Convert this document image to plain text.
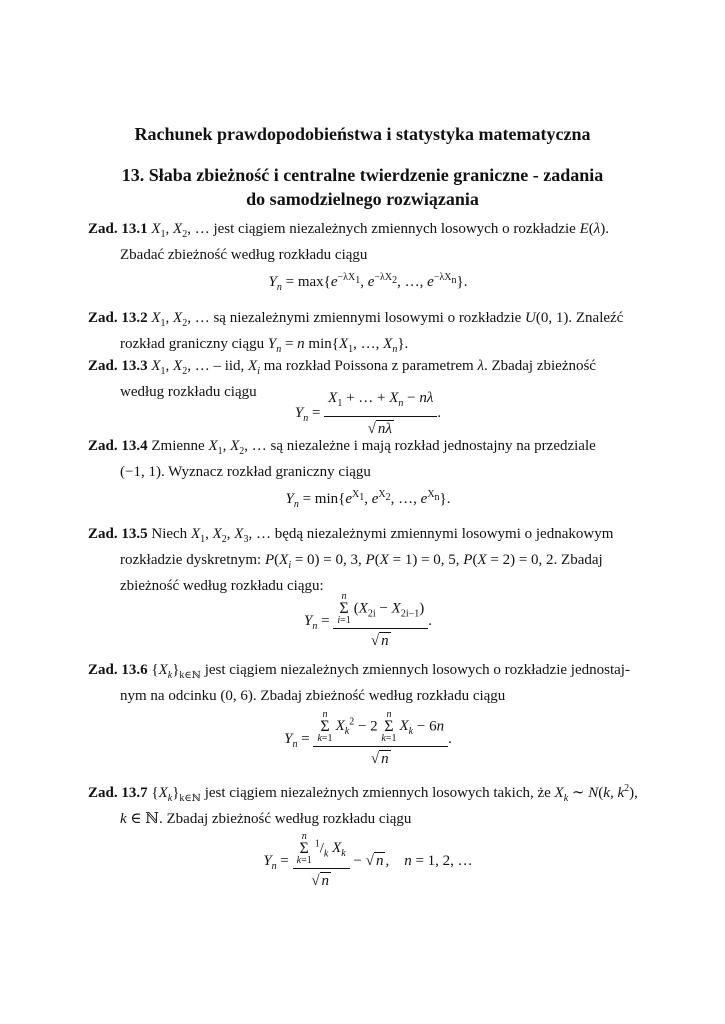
Rachunek prawdopodobieństwa i statystyka matematyczna
13. Słaba zbieżność i centralne twierdzenie graniczne - zadania
do samodzielnego rozwiązania
Zad. 13.1 $X_1$, $X_2$, … jest ciągiem niezależnych zmiennych losowych o rozkładzie E(λ).
Zbadać zbieżność według rozkładu ciągu
$Y_n = \max\{e^{-\lambda X_1}$, $e^{-\lambda X_2}$, …, $e^{-\lambda X_n}$}.
Zad. 13.2 $X_1$, $X_2$, … są niezależnymi zmiennymi losowymi o rozkładzie U(0, 1). Znaleźć
rozkład graniczny ciągu $Y_n = n$ $\min\{X_1$, …, $X_n$}.
Zad. 13.3 $X_1$, $X_2$, … – iid, $X_i$ ma rozkład Poissona z parametrem λ. Zbadaj zbieżność
według rozkładu ciągu
$Y_n = \frac{X_1 + \dots + X_n - n\lambda}{√ n\lambda}$ .
Zad. 13.4 Zmienne $X_1$, $X_2$, … są niezależne i mają rozkład jednostajny na przedziale
(−1, 1). Wyznacz rozkład graniczny ciągu
$Y_n = \min\{e^{X_1}$, $e^{X_2}$, …, $e^{X_n}$}.
Zad. 13.5 Niech $X_1$, $X_2$, $X_3$, … będą niezależnymi zmiennymi losowymi o jednakowym
rozkładzie dyskretnym: $P(X_i = 0) = 0$, 3, P(X = 1) = 0, 5, P(X = 2) = 0, 2. Zbadaj
zbieżność według rozkładu ciągu:
$Y_n = n$
Σ
$i=1(X_{2i} - X_{2i-1})$
√ n .
Zad. 13.6 $\{X_k\}_{k\in ℕ}$ jest ciągiem niezależnych zmiennych losowych o rozkładzie jednostaj-
nym na odcinku (0, 6). Zbadaj zbieżność według rozkładu ciągu
$Y_n = n$
Σ
$k=1X_k^2 - 2$ n
Σ
$k=1X_k - 6n$
√ n .
Zad. 13.7 $\{X_k\}_{k\in ℕ}$ jest ciągiem niezależnych zmiennych losowych takich, że $X_k$ ∼ N(k, $k^2$),
k ∈ ℕ. Zbadaj zbieżność według rozkładu ciągu
$Y_n = n$
Σ
$k=1^1/_k$ $X_k$
√ n − √ n ,    n = 1, 2, …
